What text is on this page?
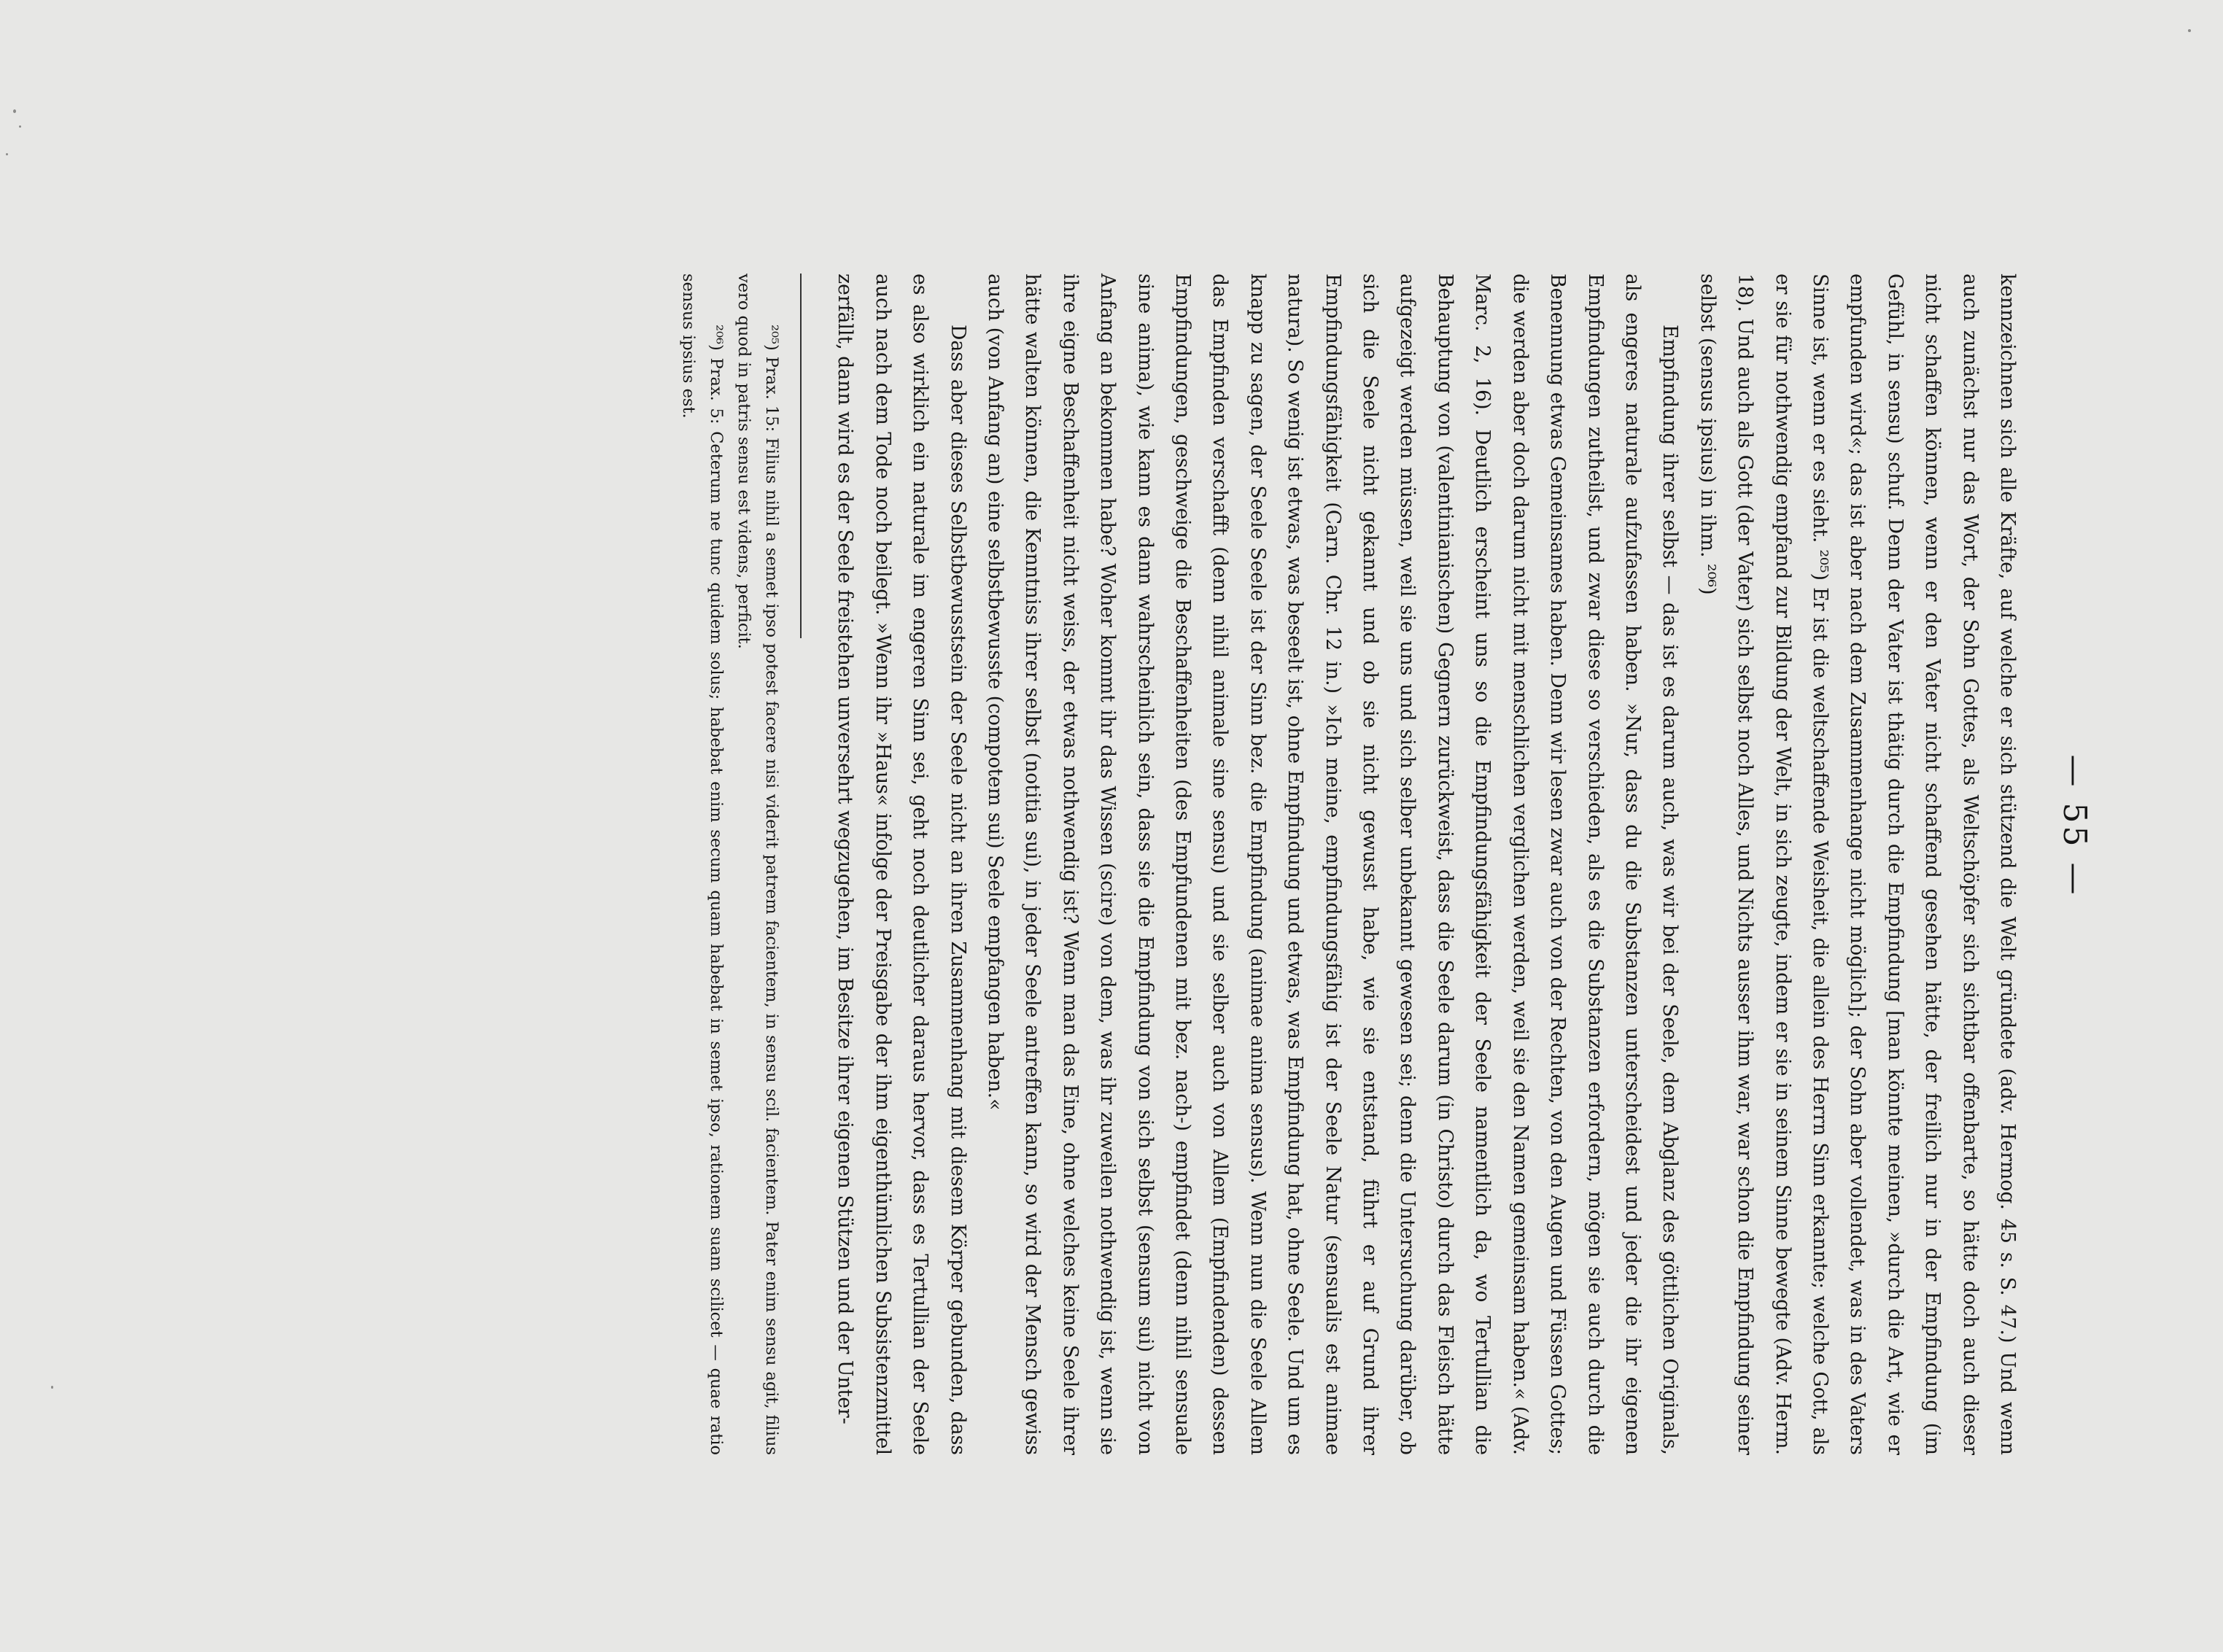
— 55 —

kennzeichnen sich alle Kräfte, auf welche er sich stützend die Welt gründete (adv. Hermog. 45 s. S. 47.) Und wenn auch zunächst nur das Wort, der Sohn Gottes, als Weltschöpfer sich sichtbar offenbarte, so hätte doch auch dieser nicht schaffen können, wenn er den Vater nicht schaffend gesehen hätte, der freilich nur in der Empfindung (im Gefühl, in sensu) schuf. Denn der Vater ist thätig durch die Empfindung [man könnte meinen, »durch die Art, wie er empfunden wird«; das ist aber nach dem Zusammenhange nicht möglich]; der Sohn aber vollendet, was in des Vaters Sinne ist, wenn er es sieht. ²⁰⁵) Er ist die weltschaffende Weisheit, die allein des Herrn Sinn erkannte; welche Gott, als er sie für nothwendig empfand zur Bildung der Welt, in sich zeugte, indem er sie in seinem Sinne bewegte (Adv. Herm. 18). Und auch als Gott (der Vater) sich selbst noch Alles, und Nichts ausser ihm war, war schon die Empfindung seiner selbst (sensus ipsius) in ihm. ²⁰⁶)

Empfindung ihrer selbst — das ist es darum auch, was wir bei der Seele, dem Abglanz des göttlichen Originals, als engeres naturale aufzufassen haben. »Nur, dass du die Substanzen unterscheidest und jeder die ihr eigenen Empfindungen zutheilst, und zwar diese so verschieden, als es die Substanzen erfordern, mögen sie auch durch die Benennung etwas Gemeinsames haben. Denn wir lesen zwar auch von der Rechten, von den Augen und Füssen Gottes; die werden aber doch darum nicht mit menschlichen verglichen werden, weil sie den Namen gemeinsam haben.« (Adv. Marc. 2, 16). Deutlich erscheint uns so die Empfindungsfähigkeit der Seele namentlich da, wo Tertullian die Behauptung von (valentinianischen) Gegnern zurückweist, dass die Seele darum (in Christo) durch das Fleisch hätte aufgezeigt werden müssen, weil sie uns und sich selber unbekannt gewesen sei; denn die Untersuchung darüber, ob sich die Seele nicht gekannt und ob sie nicht gewusst habe, wie sie entstand, führt er auf Grund ihrer Empfindungsfähigkeit (Carn. Chr. 12 in.) »Ich meine, empfindungsfähig ist der Seele Natur (sensualis est animae natura). So wenig ist etwas, was beseelt ist, ohne Empfindung und etwas, was Empfindung hat, ohne Seele. Und um es knapp zu sagen, der Seele Seele ist der Sinn bez. die Empfindung (animae anima sensus). Wenn nun die Seele Allem das Empfinden verschafft (denn nihil animale sine sensu) und sie selber auch von Allem (Empfindenden) dessen Empfindungen, geschweige die Beschaffenheiten (des Empfundenen mit bez. nach-) empfindet (denn nihil sensuale sine anima), wie kann es dann wahrscheinlich sein, dass sie die Empfindung von sich selbst (sensum sui) nicht von Anfang an bekommen habe? Woher kommt ihr das Wissen (scire) von dem, was ihr zuweilen nothwendig ist, wenn sie ihre eigne Beschaffenheit nicht weiss, der etwas nothwendig ist? Wenn man das Eine, ohne welches keine Seele ihrer hätte walten können, die Kenntniss ihrer selbst (notitia sui), in jeder Seele antreffen kann, so wird der Mensch gewiss auch (von Anfang an) eine selbstbewusste (compotem sui) Seele empfangen haben.«

Dass aber dieses Selbstbewusstsein der Seele nicht an ihren Zusammenhang mit diesem Körper gebunden, dass es also wirklich ein naturale im engeren Sinn sei, geht noch deutlicher daraus hervor, dass es Tertullian der Seele auch nach dem Tode noch beilegt. »Wenn ihr »Haus« infolge der Preisgabe der ihm eigenthümlichen Subsistenzmittel zerfällt, dann wird es der Seele freistehen unversehrt wegzugehen, im Besitze ihrer eigenen Stützen und der Unter-

²⁰⁵) Prax. 15: Filius nihil a semet ipso potest facere nisi viderit patrem facientem, in sensu scil. facientem. Pater enim sensu agit, filius vero quod in patris sensu est videns, perficit.

²⁰⁶) Prax. 5: Ceterum ne tunc quidem solus; habebat enim secum quam habebat in semet ipso, rationem suam scilicet — quae ratio sensus ipsius est.
